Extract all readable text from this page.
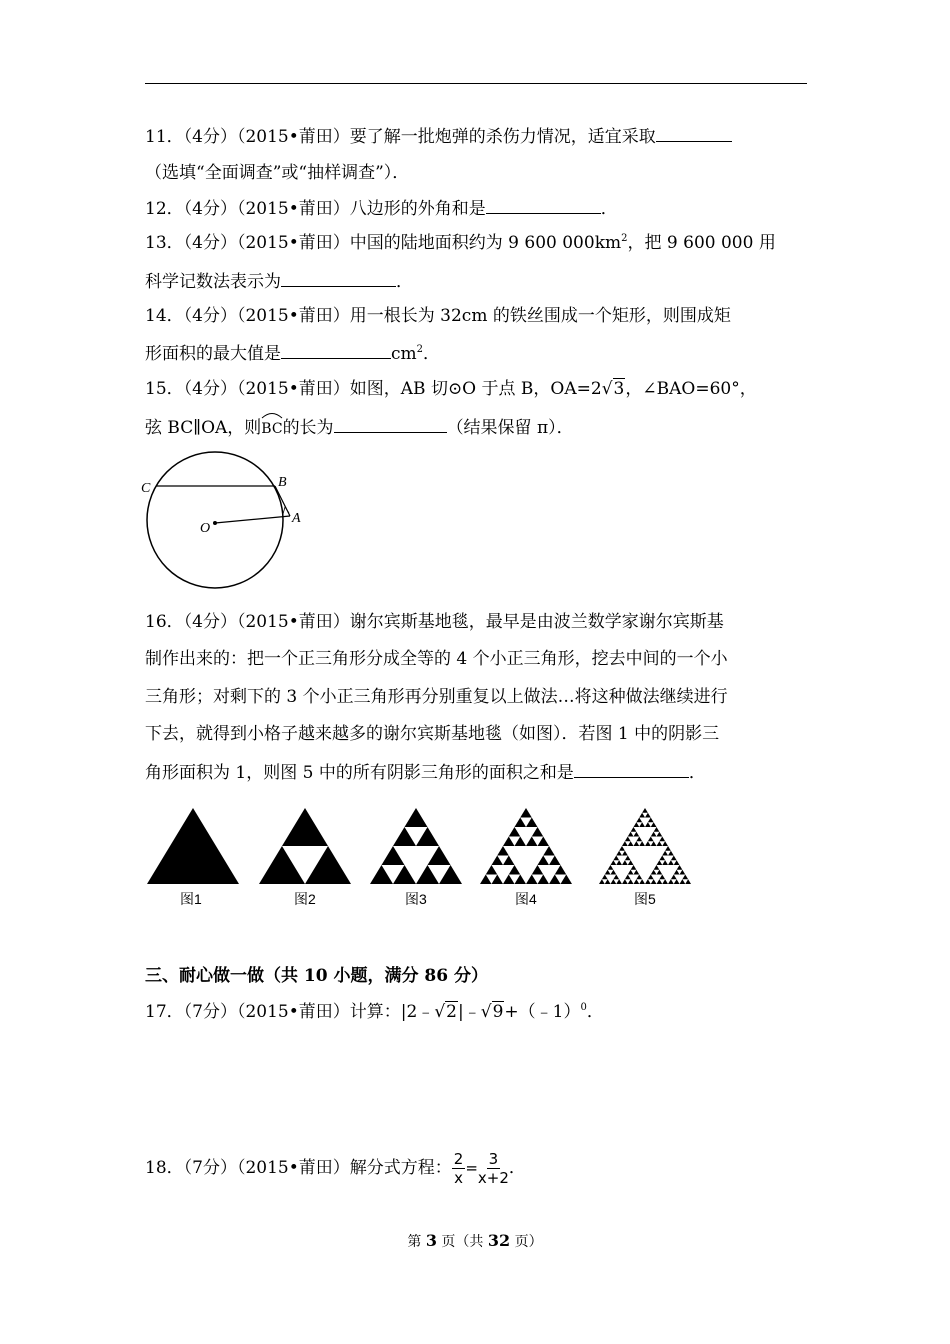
11．（4分）（2015•莆田）要了解一批炮弹的杀伤力情况，适宜采取
（选填“全面调查”或“抽样调查”）．
12．（4分）（2015•莆田）八边形的外角和是	．
13．（4分）（2015•莆田）中国的陆地面积约为 9 600 $000km^2$，把 9 600 000 用
科学记数法表示为	．
14．（4分）（2015•莆田）用一根长为 32cm 的铁丝围成一个矩形，则围成矩
形面积的最大值是	$cm^2$．
15．（4分）（2015•莆田）如图，AB 切⊙O 于点 B，OA=2√3，∠BAO=60°，
弦 BC∥OA，则
BC的长为	（结果保留 π）．
C	B
O
A
16．（4分）（2015•莆田）谢尔宾斯基地毯，最早是由波兰数学家谢尔宾斯基
制作出来的：把一个正三角形分成全等的 4 个小正三角形，挖去中间的一个小
三角形；对剩下的 3 个小正三角形再分别重复以上做法…将这种做法继续进行
下去，就得到小格子越来越多的谢尔宾斯基地毯（如图）．若图 1 中的阴影三
角形面积为 1，则图 5 中的所有阴影三角形的面积之和是	．
图1	图2	图3	图4	图5
三、耐心做一做（共 10 小题，满分 86 分）
17．（7分）（2015•莆田）计算：|2﹣√2|﹣√9+（﹣1）$^0$．
18．（7分）（2015•莆田）解分式方程： $\frac{2}{x} = \frac{3}{x+2}$ ．
第 3 页（共 32 页）
